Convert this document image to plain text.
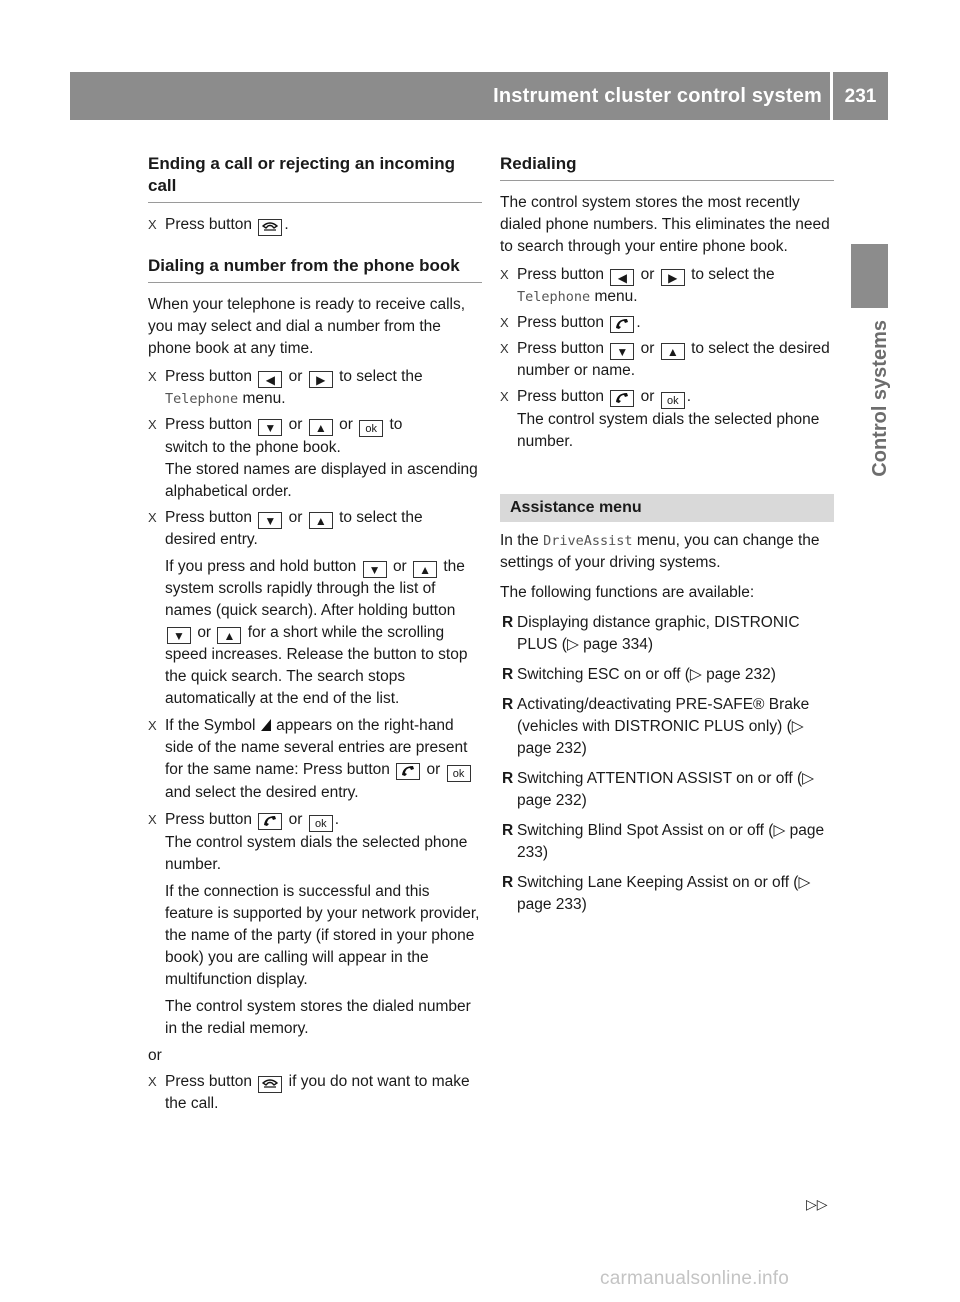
Instrument cluster control system	231
Control systems
Ending a call or rejecting an incoming call
X Press button .
Dialing a number from the phone book

When your telephone is ready to receive calls, you may select and dial a number from the phone book at any time.

X Press button ◀ or ▶ to select the Telephone menu.
X Press button ▼ or ▲ or ok to
switch to the phone book.
The stored names are displayed in ascending alphabetical order.
X Press button ▼ or ▲ to select the
desired entry.

If you press and hold button ▼ or ▲ the system scrolls rapidly through the list of names (quick search). After holding button ▼ or ▲ for a short while the scrolling speed increases. Release the button to stop the quick search. The search stops automatically at the end of the list.

X If the Symbol appears on the right-hand side of the name several entries are present for the same name: Press button or ok and select the desired entry.
X Press button or ok .
The control system dials the selected phone number.

If the connection is successful and this feature is supported by your network provider, the name of the party (if stored in your phone book) you are calling will appear in the multifunction display.

The control system stores the dialed number in the redial memory.

or

X Press button if you do not want to make the call.
Redialing

The control system stores the most recently dialed phone numbers. This eliminates the need to search through your entire phone book.

X Press button ◀ or ▶ to select the
Telephone menu.
X Press button .
X Press button ▼ or ▲ to select the desired number or name.
X Press button or ok .
The control system dials the selected phone number.
Assistance menu

In the DriveAssist menu, you can change the settings of your driving systems.

The following functions are available:

R Displaying distance graphic, DISTRONIC PLUS (▷ page 334)
R Switching ESC on or off (▷ page 232)
R Activating/deactivating PRE-SAFE® Brake (vehicles with DISTRONIC PLUS only) (▷ page 232)
R Switching ATTENTION ASSIST on or off (▷ page 232)
R Switching Blind Spot Assist on or off (▷ page 233)
R Switching Lane Keeping Assist on or off (▷ page 233)
▷▷
carmanualsonline.info
